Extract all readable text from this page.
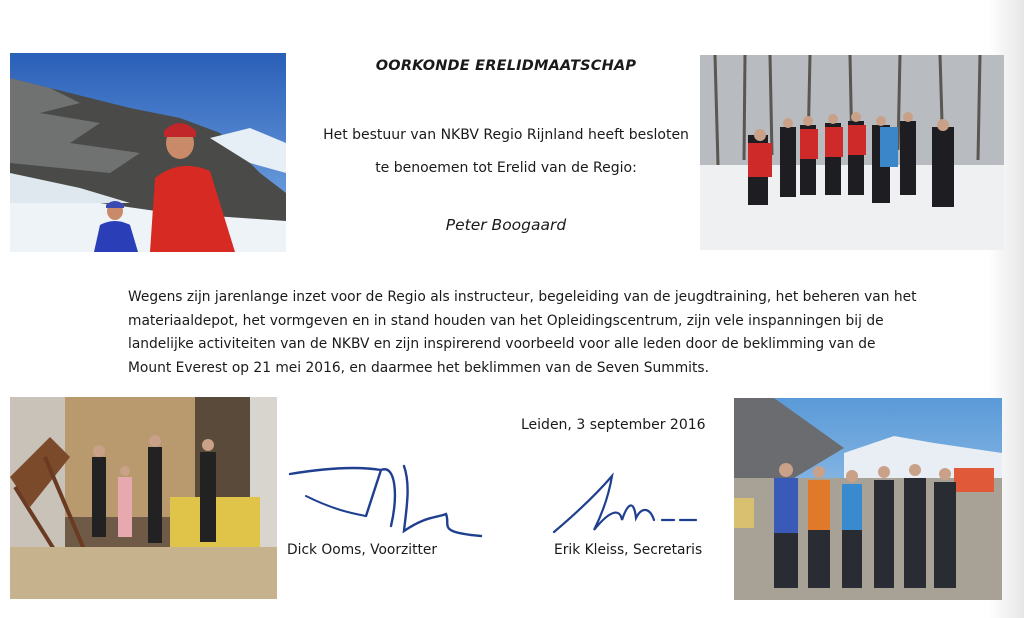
OORKONDE ERELIDMAATSCHAP
Het bestuur van NKBV Regio Rijnland heeft besloten
te benoemen tot Erelid van de Regio:
Peter Boogaard
Wegens zijn jarenlange inzet voor de Regio als instructeur, begeleiding van de jeugdtraining, het beheren van het
materiaaldepot, het vormgeven en in stand houden van het Opleidingscentrum, zijn vele inspanningen bij de
landelijke activiteiten van de NKBV en zijn inspirerend voorbeeld voor alle leden door de beklimming van de
Mount Everest op 21 mei 2016, en daarmee het beklimmen van de Seven Summits.
Leiden, 3 september 2016
Dick Ooms, Voorzitter	Erik Kleiss, Secretaris
